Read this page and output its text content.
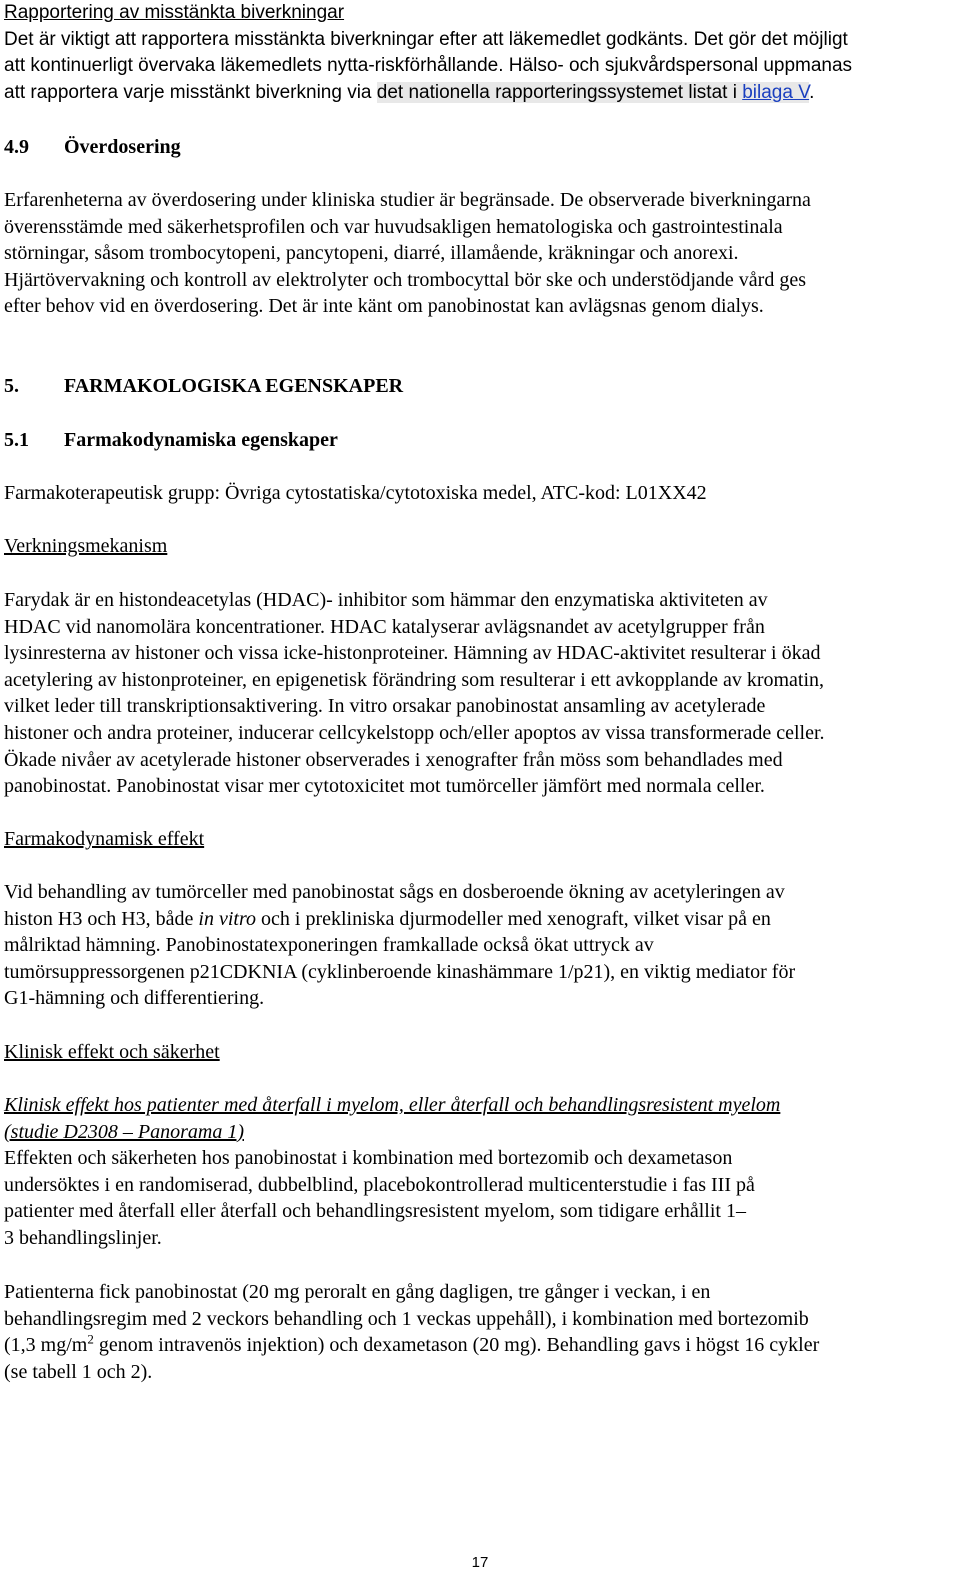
Rapportering av misstänkta biverkningar

Det är viktigt att rapportera misstänkta biverkningar efter att läkemedlet godkänts. Det gör det möjligt

att kontinuerligt övervaka läkemedlets nytta-riskförhållande. Hälso- och sjukvårdspersonal uppmanas

att rapportera varje misstänkt biverkning via det nationella rapporteringssystemet listat i bilaga V.

4.9 Överdosering

Erfarenheterna av överdosering under kliniska studier är begränsade. De observerade biverkningarna

överensstämde med säkerhetsprofilen och var huvudsakligen hematologiska och gastrointestinala

störningar, såsom trombocytopeni, pancytopeni, diarré, illamående, kräkningar och anorexi.

Hjärtövervakning och kontroll av elektrolyter och trombocyttal bör ske och understödjande vård ges

efter behov vid en överdosering. Det är inte känt om panobinostat kan avlägsnas genom dialys.

5. FARMAKOLOGISKA EGENSKAPER

5.1 Farmakodynamiska egenskaper

Farmakoterapeutisk grupp: Övriga cytostatiska/cytotoxiska medel, ATC-kod: L01XX42

Verkningsmekanism

Farydak är en histondeacetylas (HDAC)- inhibitor som hämmar den enzymatiska aktiviteten av

HDAC vid nanomolära koncentrationer. HDAC katalyserar avlägsnandet av acetylgrupper från

lysinresterna av histoner och vissa icke-histonproteiner. Hämning av HDAC-aktivitet resulterar i ökad

acetylering av histonproteiner, en epigenetisk förändring som resulterar i ett avkopplande av kromatin,

vilket leder till transkriptionsaktivering. In vitro orsakar panobinostat ansamling av acetylerade

histoner och andra proteiner, inducerar cellcykelstopp och/eller apoptos av vissa transformerade celler.

Ökade nivåer av acetylerade histoner observerades i xenografter från möss som behandlades med

panobinostat. Panobinostat visar mer cytotoxicitet mot tumörceller jämfört med normala celler.

Farmakodynamisk effekt

Vid behandling av tumörceller med panobinostat sågs en dosberoende ökning av acetyleringen av

histon H3 och H3, både in vitro och i prekliniska djurmodeller med xenograft, vilket visar på en

målriktad hämning. Panobinostatexponeringen framkallade också ökat uttryck av

tumörsuppressorgenen p21CDKNIA (cyklinberoende kinashämmare 1/p21), en viktig mediator för

G1-hämning och differentiering.

Klinisk effekt och säkerhet

Klinisk effekt hos patienter med återfall i myelom, eller återfall och behandlingsresistent myelom

(studie D2308 – Panorama 1)

Effekten och säkerheten hos panobinostat i kombination med bortezomib och dexametason

undersöktes i en randomiserad, dubbelblind, placebokontrollerad multicenterstudie i fas III på

patienter med återfall eller återfall och behandlingsresistent myelom, som tidigare erhållit 1–

3 behandlingslinjer.

Patienterna fick panobinostat (20 mg peroralt en gång dagligen, tre gånger i veckan, i en

behandlingsregim med 2 veckors behandling och 1 veckas uppehåll), i kombination med bortezomib

(1,3 $mg/m^2$ genom intravenös injektion) och dexametason (20 mg). Behandling gavs i högst 16 cykler

(se tabell 1 och 2).

17
